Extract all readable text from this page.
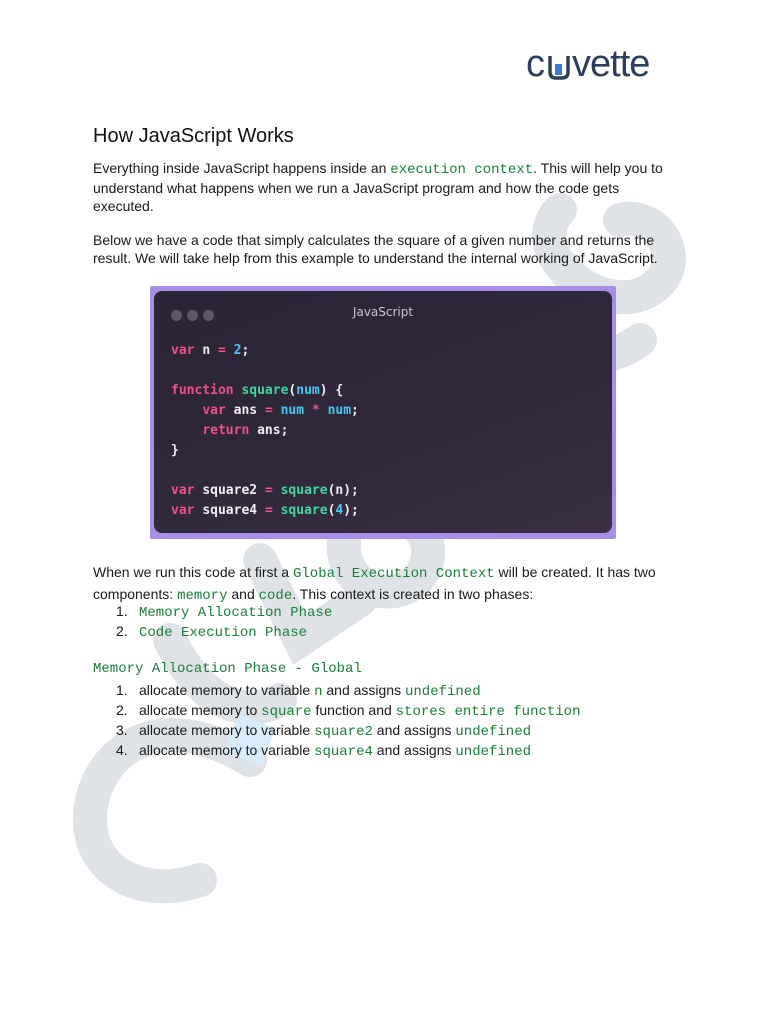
c vette
How JavaScript Works

Everything inside JavaScript happens inside an execution context. This will help you to understand what happens when we run a JavaScript program and how the code gets executed.

Below we have a code that simply calculates the square of a given number and returns the result. We will take help from this example to understand the internal working of JavaScript.

JavaScript
var n = 2;
function square(num) {
var ans = num * num;
return ans;
}
var square2 = square(n);
var square4 = square(4);

When we run this code at first a Global Execution Context will be created. It has two components: memory and code. This context is created in two phases:

1. Memory Allocation Phase
2. Code Execution Phase
Memory Allocation Phase - Global
1. allocate memory to variable n and assigns undefined
2. allocate memory to square function and stores entire function
3. allocate memory to variable square2 and assigns undefined
4. allocate memory to variable square4 and assigns undefined
